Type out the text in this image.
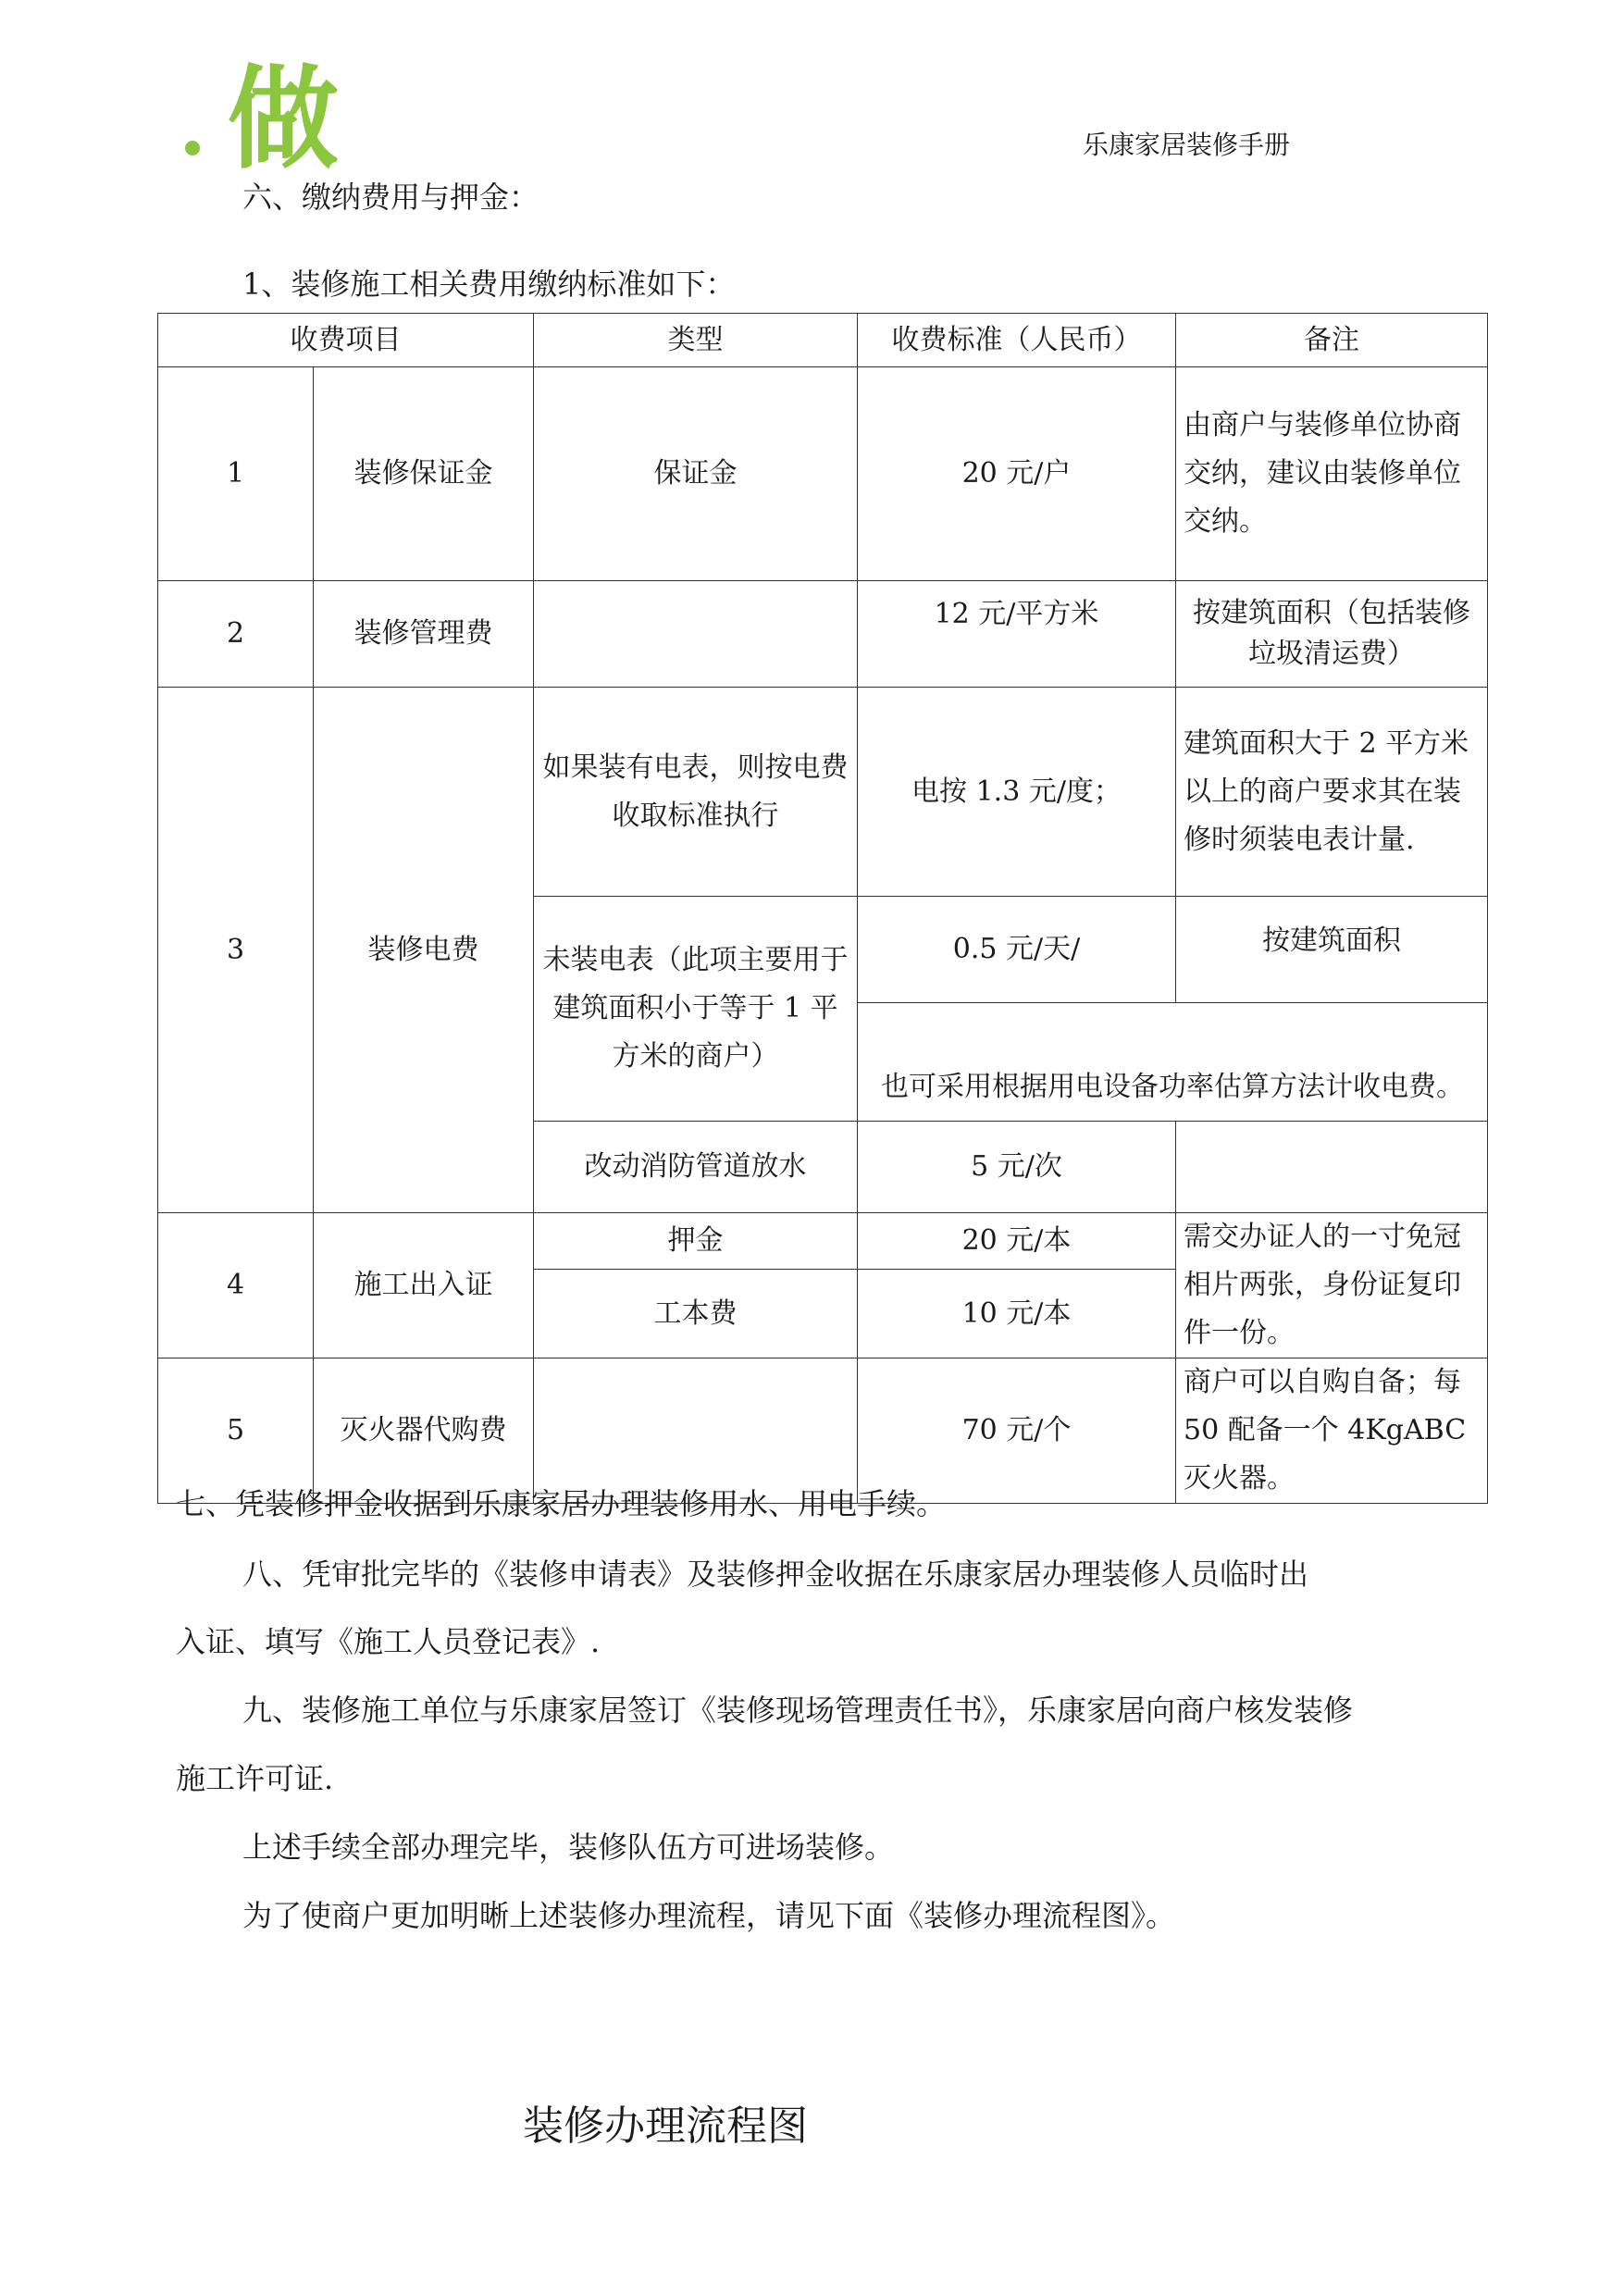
做	乐康家居装修手册
六、缴纳费用与押金：
1、装修施工相关费用缴纳标准如下：
收费项目		类型	收费标准（人民币）	备注
1	装修保证金	保证金	20 元/户	由商户与装修单位协商交纳，建议由装修单位交纳。
2	装修管理费		12 元/平方米	按建筑面积（包括装修垃圾清运费）
3	装修电费	如果装有电表，则按电费收取标准执行	电按 1.3 元/度；	建筑面积大于 2 平方米以上的商户要求其在装修时须装电表计量.
		未装电表（此项主要用于建筑面积小于等于 1 平方米的商户）	0.5 元/天/	按建筑面积
			也可采用根据用电设备功率估算方法计收电费。	
		改动消防管道放水	5 元/次	
4	施工出入证	押金	20 元/本	需交办证人的一寸免冠相片两张，身份证复印件一份。
		工本费	10 元/本	
5	灭火器代购费		70 元/个	商户可以自购自备；每 50 配备一个 4KgABC 灭火器。
七、凭装修押金收据到乐康家居办理装修用水、用电手续。
八、凭审批完毕的《装修申请表》及装修押金收据在乐康家居办理装修人员临时出
入证、填写《施工人员登记表》.
九、装修施工单位与乐康家居签订《装修现场管理责任书》，乐康家居向商户核发装修
施工许可证.
上述手续全部办理完毕，装修队伍方可进场装修。
为了使商户更加明晰上述装修办理流程，请见下面《装修办理流程图》。
装修办理流程图
